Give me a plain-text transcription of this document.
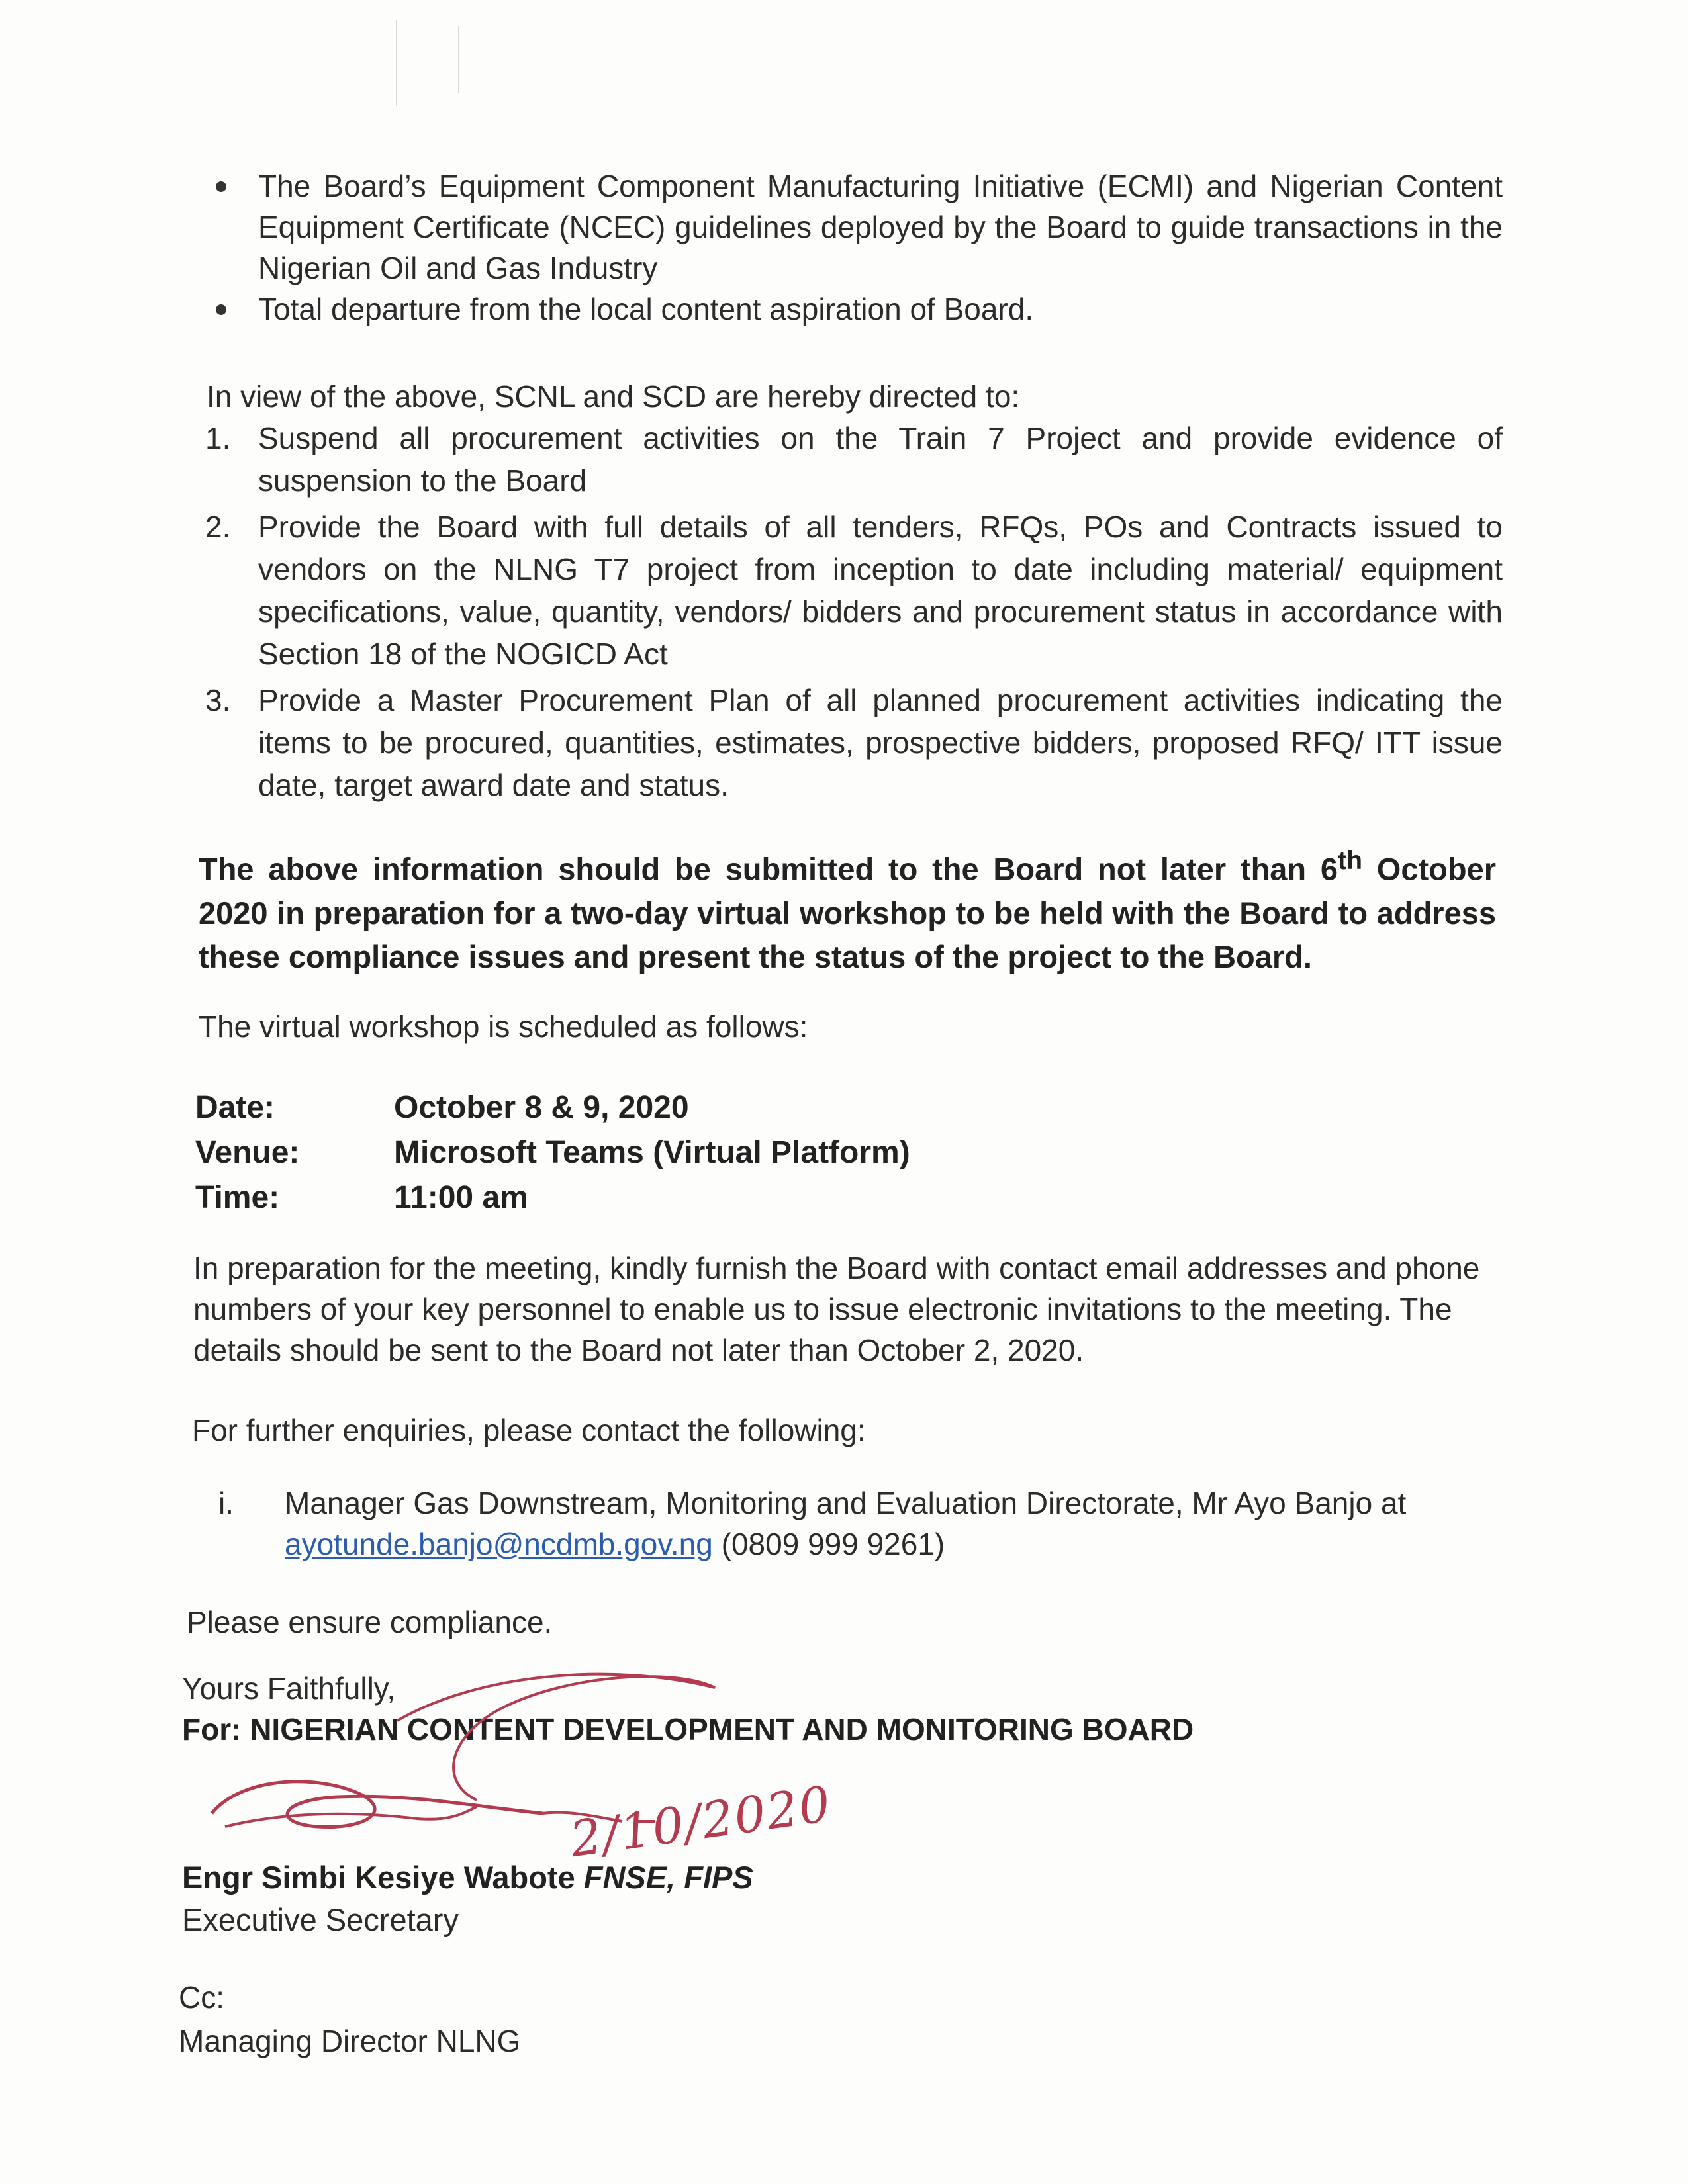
The Board’s Equipment Component Manufacturing Initiative (ECMI) and Nigerian Content Equipment Certificate (NCEC) guidelines deployed by the Board to guide transactions in the Nigerian Oil and Gas Industry
Total departure from the local content aspiration of Board.
In view of the above, SCNL and SCD are hereby directed to:
1. Suspend all procurement activities on the Train 7 Project and provide evidence of suspension to the Board
2. Provide the Board with full details of all tenders, RFQs, POs and Contracts issued to vendors on the NLNG T7 project from inception to date including material/ equipment specifications, value, quantity, vendors/ bidders and procurement status in accordance with Section 18 of the NOGICD Act
3. Provide a Master Procurement Plan of all planned procurement activities indicating the items to be procured, quantities, estimates, prospective bidders, proposed RFQ/ ITT issue date, target award date and status.
The above information should be submitted to the Board not later than 6th October 2020 in preparation for a two-day virtual workshop to be held with the Board to address these compliance issues and present the status of the project to the Board.
The virtual workshop is scheduled as follows:
Date:	October 8 & 9, 2020
Venue:	Microsoft Teams (Virtual Platform)
Time:	11:00 am
In preparation for the meeting, kindly furnish the Board with contact email addresses and phone numbers of your key personnel to enable us to issue electronic invitations to the meeting. The details should be sent to the Board not later than October 2, 2020.
For further enquiries, please contact the following:
i. Manager Gas Downstream, Monitoring and Evaluation Directorate, Mr Ayo Banjo at ayotunde.banjo@ncdmb.gov.ng (0809 999 9261)
Please ensure compliance.
Yours Faithfully,
For: NIGERIAN CONTENT DEVELOPMENT AND MONITORING BOARD
2/10/2020
Engr Simbi Kesiye Wabote FNSE, FIPS
Executive Secretary
Cc:
Managing Director NLNG
